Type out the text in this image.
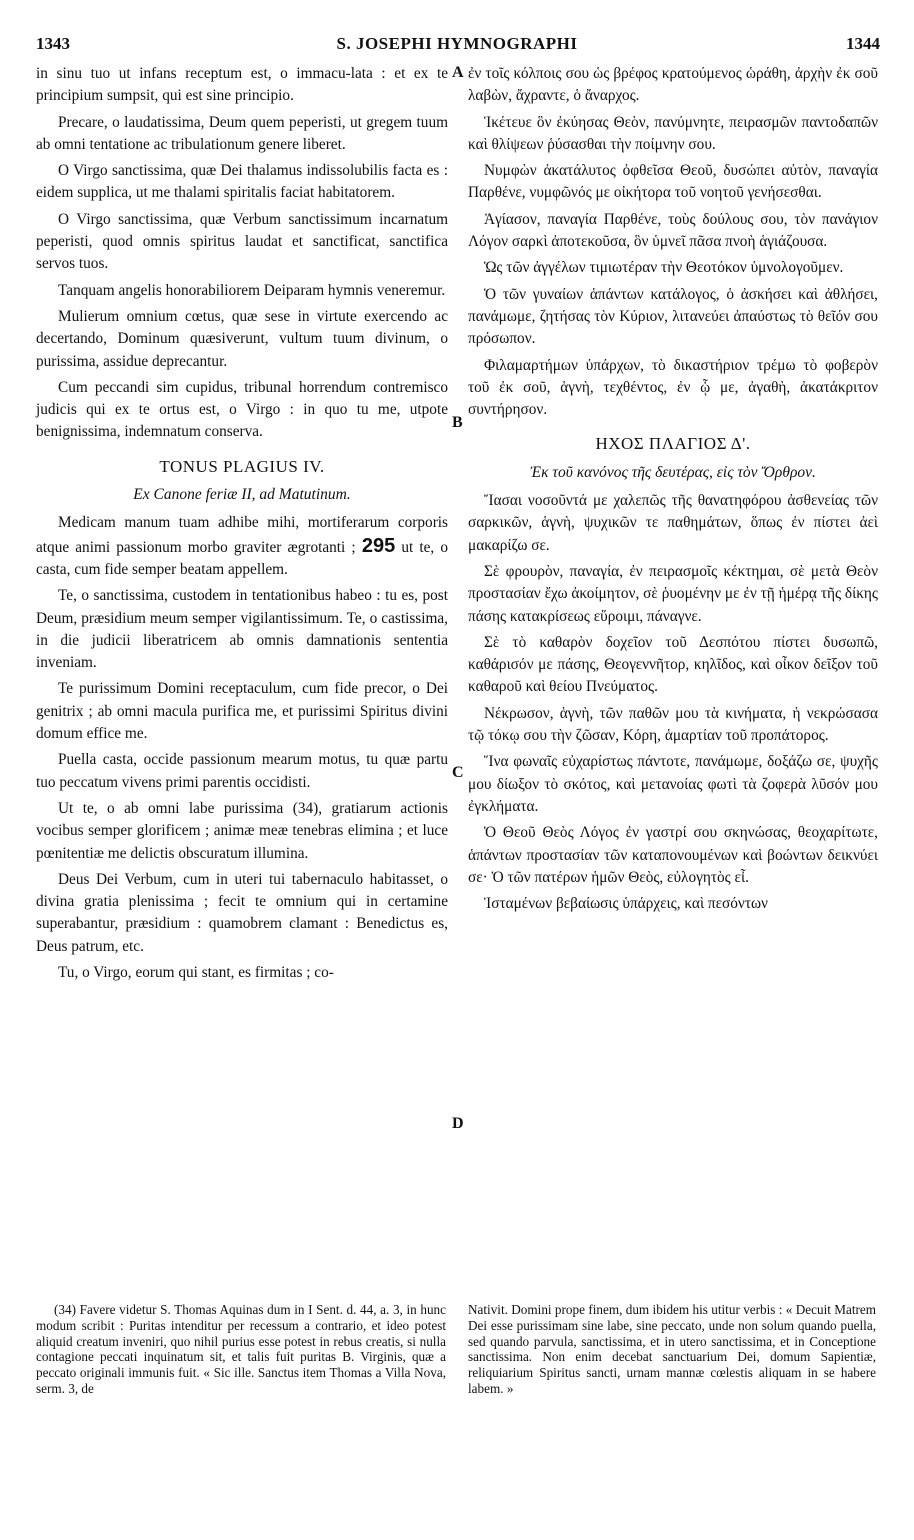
1343	S. JOSEPHI HYMNOGRAPHI	1344
A
B
C
D

in sinu tuo ut infans receptum est, o immacu-lata : et ex te principium sumpsit, qui est sine principio.

Precare, o laudatissima, Deum quem peperisti, ut gregem tuum ab omni tentatione ac tribulationum genere liberet.

O Virgo sanctissima, quæ Dei thalamus indissolubilis facta es : eidem supplica, ut me thalami spiritalis faciat habitatorem.

O Virgo sanctissima, quæ Verbum sanctissimum incarnatum peperisti, quod omnis spiritus laudat et sanctificat, sanctifica servos tuos.

Tanquam angelis honorabiliorem Deiparam hymnis veneremur.

Mulierum omnium cœtus, quæ sese in virtute exercendo ac decertando, Dominum quæsiverunt, vultum tuum divinum, o purissima, assidue deprecantur.

Cum peccandi sim cupidus, tribunal horrendum contremisco judicis qui ex te ortus est, o Virgo : in quo tu me, utpote benignissima, indemnatum conserva.

TONUS PLAGIUS IV.
Ex Canone feriæ II, ad Matutinum.

Medicam manum tuam adhibe mihi, mortiferarum corporis atque animi passionum morbo graviter ægrotanti ; 295 ut te, o casta, cum fide semper beatam appellem.

Te, o sanctissima, custodem in tentationibus habeo : tu es, post Deum, præsidium meum semper vigilantissimum. Te, o castissima, in die judicii liberatricem ab omnis damnationis sententia inveniam.

Te purissimum Domini receptaculum, cum fide precor, o Dei genitrix ; ab omni macula purifica me, et purissimi Spiritus divini domum effice me.

Puella casta, occide passionum mearum motus, tu quæ partu tuo peccatum vivens primi parentis occidisti.

Ut te, o ab omni labe purissima (34), gratiarum actionis vocibus semper glorificem ; animæ meæ tenebras elimina ; et luce pœnitentiæ me delictis obscuratum illumina.

Deus Dei Verbum, cum in uteri tui tabernaculo habitasset, o divina gratia plenissima ; fecit te omnium qui in certamine superabantur, præsidium : quamobrem clamant : Benedictus es, Deus patrum, etc.

Tu, o Virgo, eorum qui stant, es firmitas ; co-

ἐν τοῖς κόλποις σου ὡς βρέφος κρατούμενος ὡράθη, ἀρχὴν ἐκ σοῦ λαβὼν, ἄχραντε, ὁ ἄναρχος.

Ἱκέτευε ὃν ἐκύησας Θεὸν, πανύμνητε, πειρασμῶν παντοδαπῶν καὶ θλίψεων ῥύσασθαι τὴν ποίμνην σου.

Νυμφὼν ἀκατάλυτος ὀφθεῖσα Θεοῦ, δυσώπει αὐτὸν, παναγία Παρθένε, νυμφῶνός με οἰκήτορα τοῦ νοητοῦ γενήσεσθαι.

Ἁγίασον, παναγία Παρθένε, τοὺς δούλους σου, τὸν πανάγιον Λόγον σαρκὶ ἀποτεκοῦσα, ὃν ὑμνεῖ πᾶσα πνοὴ ἁγιάζουσα.

Ὡς τῶν ἀγγέλων τιμιωτέραν τὴν Θεοτόκον ὑμνολογοῦμεν.

Ὁ τῶν γυναίων ἁπάντων κατάλογος, ὁ ἀσκήσει καὶ ἀθλήσει, πανάμωμε, ζητήσας τὸν Κύριον, λιτανεύει ἀπαύστως τὸ θεῖόν σου πρόσωπον.

Φιλαμαρτήμων ὑπάρχων, τὸ δικαστήριον τρέμω τὸ φοβερὸν τοῦ ἐκ σοῦ, ἁγνὴ, τεχθέντος, ἐν ᾧ με, ἀγαθὴ, ἀκατάκριτον συντήρησον.

ΗΧΟΣ ΠΛΑΓΙΟΣ Δ'.
Ἐκ τοῦ κανόνος τῆς δευτέρας, εἰς τὸν Ὄρθρον.

Ἴασαι νοσοῦντά με χαλεπῶς τῆς θανατηφόρου ἀσθενείας τῶν σαρκικῶν, ἁγνὴ, ψυχικῶν τε παθημάτων, ὅπως ἐν πίστει ἀεὶ μακαρίζω σε.

Σὲ φρουρὸν, παναγία, ἐν πειρασμοῖς κέκτημαι, σὲ μετὰ Θεὸν προστασίαν ἔχω ἀκοίμητον, σὲ ῥυομένην με ἐν τῇ ἡμέρᾳ τῆς δίκης πάσης κατακρίσεως εὕροιμι, πάναγνε.

Σὲ τὸ καθαρὸν δοχεῖον τοῦ Δεσπότου πίστει δυσωπῶ, καθάρισόν με πάσης, Θεογεννῆτορ, κηλῖδος, καὶ οἶκον δεῖξον τοῦ καθαροῦ καὶ θείου Πνεύματος.

Νέκρωσον, ἁγνὴ, τῶν παθῶν μου τὰ κινήματα, ἡ νεκρώσασα τῷ τόκῳ σου τὴν ζῶσαν, Κόρη, ἁμαρτίαν τοῦ προπάτορος.

Ἵνα φωναῖς εὐχαρίστως πάντοτε, πανάμωμε, δοξάζω σε, ψυχῆς μου δίωξον τὸ σκότος, καὶ μετανοίας φωτὶ τὰ ζοφερὰ λῦσόν μου ἐγκλήματα.

Ὁ Θεοῦ Θεὸς Λόγος ἐν γαστρί σου σκηνώσας, θεοχαρίτωτε, ἁπάντων προστασίαν τῶν καταπονουμένων καὶ βοώντων δεικνύει σε· Ὁ τῶν πατέρων ἡμῶν Θεὸς, εὐλογητὸς εἶ.

Ἱσταμένων βεβαίωσις ὑπάρχεις, καὶ πεσόντων

(34) Favere videtur S. Thomas Aquinas dum in I Sent. d. 44, a. 3, in hunc modum scribit : Puritas intenditur per recessum a contrario, et ideo potest aliquid creatum inveniri, quo nihil purius esse potest in rebus creatis, si nulla contagione peccati inquinatum sit, et talis fuit puritas B. Virginis, quæ a peccato originali immunis fuit. « Sic ille. Sanctus item Thomas a Villa Nova, serm. 3, de

Nativit. Domini prope finem, dum ibidem his utitur verbis : « Decuit Matrem Dei esse purissimam sine labe, sine peccato, unde non solum quando puella, sed quando parvula, sanctissima, et in utero sanctissima, et in Conceptione sanctissima. Non enim decebat sanctuarium Dei, domum Sapientiæ, reliquiarium Spiritus sancti, urnam mannæ cœlestis aliquam in se habere labem. »
